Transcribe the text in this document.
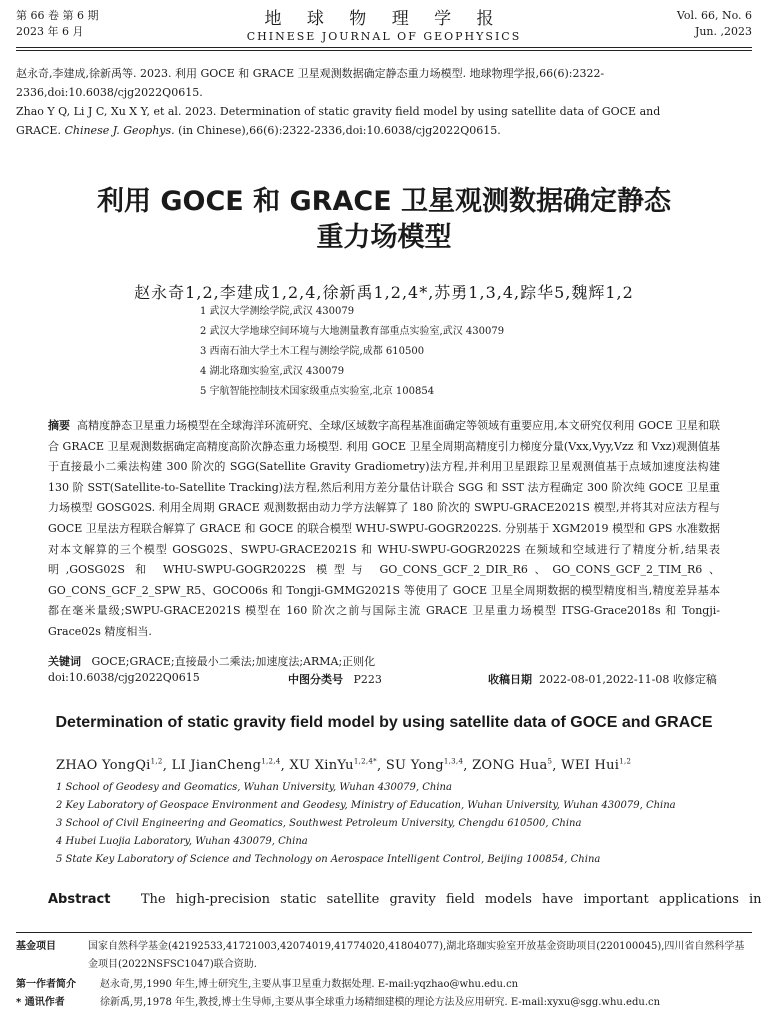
第 66 卷 第 6 期
2023 年 6 月
地 球 物 理 学 报
CHINESE JOURNAL OF GEOPHYSICS
Vol. 66, No. 6
Jun. ,2023
赵永奇,李建成,徐新禹等. 2023. 利用 GOCE 和 GRACE 卫星观测数据确定静态重力场模型. 地球物理学报,66(6):2322-
2336,doi:10.6038/cjg2022Q0615.
Zhao Y Q, Li J C, Xu X Y, et al. 2023. Determination of static gravity field model by using satellite data of GOCE and
GRACE. Chinese J. Geophys. (in Chinese),66(6):2322-2336,doi:10.6038/cjg2022Q0615.
利用 GOCE 和 GRACE 卫星观测数据确定静态
重力场模型
赵永奇1,2,李建成1,2,4,徐新禹1,2,4*,苏勇1,3,4,踪华5,魏辉1,2
1 武汉大学测绘学院,武汉 430079
2 武汉大学地球空间环境与大地测量教育部重点实验室,武汉 430079
3 西南石油大学土木工程与测绘学院,成都 610500
4 湖北珞珈实验室,武汉 430079
5 宇航智能控制技术国家级重点实验室,北京 100854
摘要 高精度静态卫星重力场模型在全球海洋环流研究、全球/区域数字高程基准面确定等领域有重要应用,本文研究仅利用 GOCE 卫星和联合 GRACE 卫星观测数据确定高精度高阶次静态重力场模型. 利用 GOCE 卫星全周期高精度引力梯度分量(Vxx,Vyy,Vzz 和 Vxz)观测值基于直接最小二乘法构建 300 阶次的 SGG(Satellite Gravity Gradiometry)法方程,并利用卫星跟踪卫星观测值基于点域加速度法构建 130 阶 SST(Satellite-to-Satellite Tracking)法方程,然后利用方差分量估计联合 SGG 和 SST 法方程确定 300 阶次纯 GOCE 卫星重力场模型 GOSG02S. 利用全周期 GRACE 观测数据由动力学方法解算了 180 阶次的 SWPU-GRACE2021S 模型,并将其对应法方程与 GOCE 卫星法方程联合解算了 GRACE 和 GOCE 的联合模型 WHU-SWPU-GOGR2022S. 分别基于 XGM2019 模型和 GPS 水准数据对本文解算的三个模型 GOSG02S、SWPU-GRACE2021S 和 WHU-SWPU-GOGR2022S 在频域和空域进行了精度分析,结果表明,GOSG02S 和 WHU-SWPU-GOGR2022S 模型与 GO_CONS_GCF_2_DIR_R6、GO_CONS_GCF_2_TIM_R6、GO_CONS_GCF_2_SPW_R5、GOCO06s 和 Tongji-GMMG2021S 等使用了 GOCE 卫星全周期数据的模型精度相当,精度差异基本都在毫米量级;SWPU-GRACE2021S 模型在 160 阶次之前与国际主流 GRACE 卫星重力场模型 ITSG-Grace2018s 和 Tongji-Grace02s 精度相当.
关键词 GOCE;GRACE;直接最小二乘法;加速度法;ARMA;正则化
doi:10.6038/cjg2022Q0615	中图分类号 P223	收稿日期 2022-08-01,2022-11-08 收修定稿
Determination of static gravity field model by using satellite data of GOCE and GRACE
ZHAO YongQi$^{1,2}$, LI JianCheng$^{1,2,4}$, XU XinYu$^{1,2,4*}$, SU Yong$^{1,3,4}$, ZONG Hua$^5$, WEI Hui$^{1,2}$
1 School of Geodesy and Geomatics, Wuhan University, Wuhan 430079, China
2 Key Laboratory of Geospace Environment and Geodesy, Ministry of Education, Wuhan University, Wuhan 430079, China
3 School of Civil Engineering and Geomatics, Southwest Petroleum University, Chengdu 610500, China
4 Hubei Luojia Laboratory, Wuhan 430079, China
5 State Key Laboratory of Science and Technology on Aerospace Intelligent Control, Beijing 100854, China
Abstract The high-precision static satellite gravity field models have important applications in
基金项目	国家自然科学基金(42192533,41721003,42074019,41774020,41804077),湖北珞珈实验室开放基金资助项目(220100045),四川省自然科学基金项目(2022NSFSC1047)联合资助.
第一作者简介 赵永奇,男,1990 年生,博士研究生,主要从事卫星重力数据处理. E-mail:yqzhao@whu.edu.cn
* 通讯作者	徐新禹,男,1978 年生,教授,博士生导师,主要从事全球重力场精细建模的理论方法及应用研究. E-mail:xyxu@sgg.whu.edu.cn
